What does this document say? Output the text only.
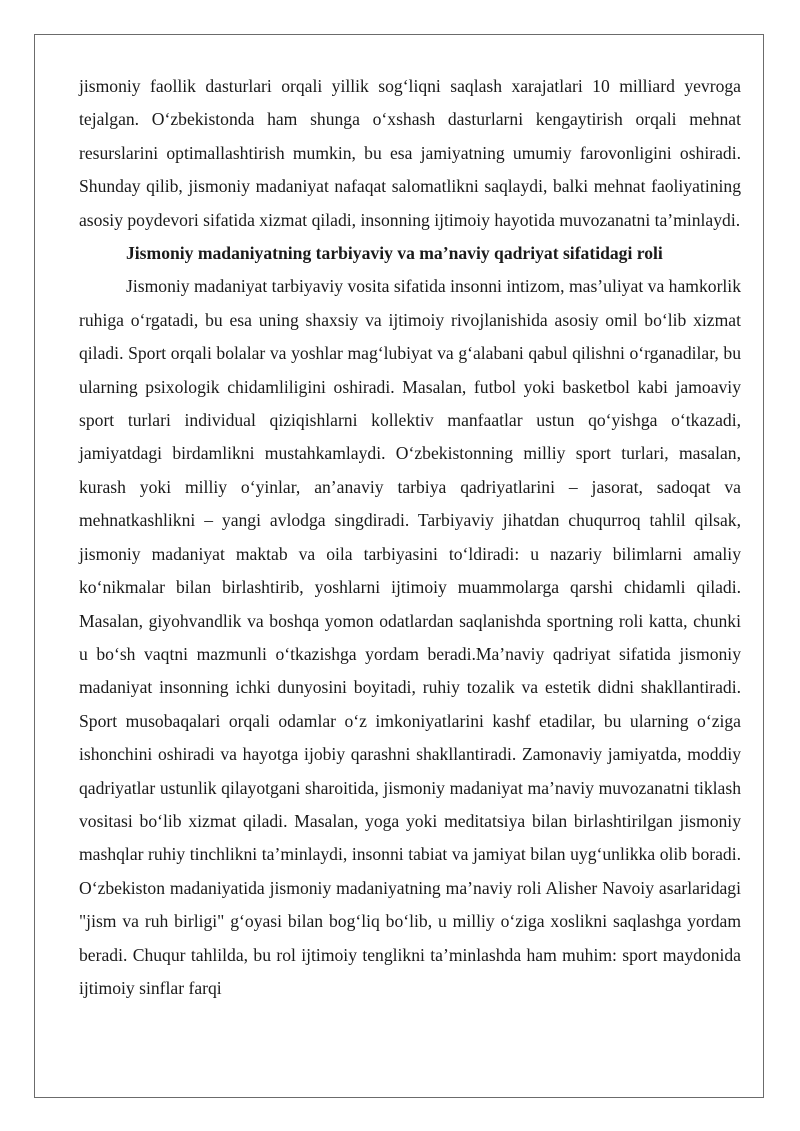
jismoniy faollik dasturlari orqali yillik sog‘liqni saqlash xarajatlari 10 milliard yevroga tejalgan. O‘zbekistonda ham shunga o‘xshash dasturlarni kengaytirish orqali mehnat resurslarini optimallashtirish mumkin, bu esa jamiyatning umumiy farovonligini oshiradi. Shunday qilib, jismoniy madaniyat nafaqat salomatlikni saqlaydi, balki mehnat faoliyatining asosiy poydevori sifatida xizmat qiladi, insonning ijtimoiy hayotida muvozanatni ta’minlaydi.

Jismoniy madaniyatning tarbiyaviy va ma’naviy qadriyat sifatidagi roli

Jismoniy madaniyat tarbiyaviy vosita sifatida insonni intizom, mas’uliyat va hamkorlik ruhiga o‘rgatadi, bu esa uning shaxsiy va ijtimoiy rivojlanishida asosiy omil bo‘lib xizmat qiladi. Sport orqali bolalar va yoshlar mag‘lubiyat va g‘alabani qabul qilishni o‘rganadilar, bu ularning psixologik chidamliligini oshiradi. Masalan, futbol yoki basketbol kabi jamoaviy sport turlari individual qiziqishlarni kollektiv manfaatlar ustun qo‘yishga o‘tkazadi, jamiyatdagi birdamlikni mustahkamlaydi. O‘zbekistonning milliy sport turlari, masalan, kurash yoki milliy o‘yinlar, an’anaviy tarbiya qadriyatlarini – jasorat, sadoqat va mehnatkashlikni – yangi avlodga singdiradi. Tarbiyaviy jihatdan chuqurroq tahlil qilsak, jismoniy madaniyat maktab va oila tarbiyasini to‘ldiradi: u nazariy bilimlarni amaliy ko‘nikmalar bilan birlashtirib, yoshlarni ijtimoiy muammolarga qarshi chidamli qiladi. Masalan, giyohvandlik va boshqa yomon odatlardan saqlanishda sportning roli katta, chunki u bo‘sh vaqtni mazmunli o‘tkazishga yordam beradi.Ma’naviy qadriyat sifatida jismoniy madaniyat insonning ichki dunyosini boyitadi, ruhiy tozalik va estetik didni shakllantiradi. Sport musobaqalari orqali odamlar o‘z imkoniyatlarini kashf etadilar, bu ularning o‘ziga ishonchini oshiradi va hayotga ijobiy qarashni shakllantiradi. Zamonaviy jamiyatda, moddiy qadriyatlar ustunlik qilayotgani sharoitida, jismoniy madaniyat ma’naviy muvozanatni tiklash vositasi bo‘lib xizmat qiladi. Masalan, yoga yoki meditatsiya bilan birlashtirilgan jismoniy mashqlar ruhiy tinchlikni ta’minlaydi, insonni tabiat va jamiyat bilan uyg‘unlikka olib boradi. O‘zbekiston madaniyatida jismoniy madaniyatning ma’naviy roli Alisher Navoiy asarlaridagi "jism va ruh birligi" g‘oyasi bilan bog‘liq bo‘lib, u milliy o‘ziga xoslikni saqlashga yordam beradi. Chuqur tahlilda, bu rol ijtimoiy tenglikni ta’minlashda ham muhim: sport maydonida ijtimoiy sinflar farqi
